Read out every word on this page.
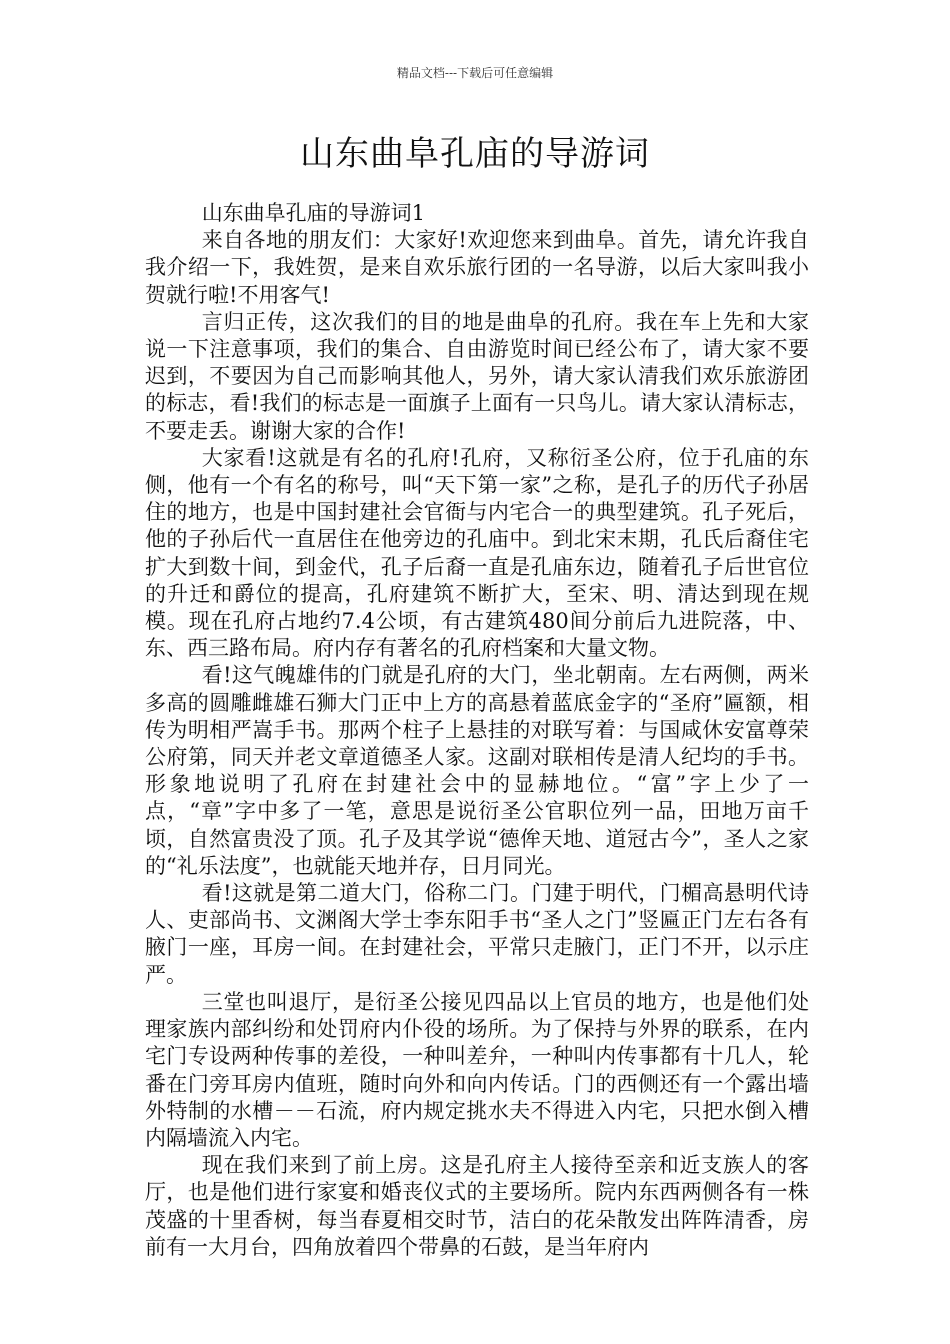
精品文档---下载后可任意编辑
山东曲阜孔庙的导游词

山东曲阜孔庙的导游词1

来自各地的朋友们：大家好!欢迎您来到曲阜。首先，请允许我自我介绍一下，我姓贺，是来自欢乐旅行团的一名导游，以后大家叫我小贺就行啦!不用客气!

言归正传，这次我们的目的地是曲阜的孔府。我在车上先和大家说一下注意事项，我们的集合、自由游览时间已经公布了，请大家不要迟到，不要因为自己而影响其他人，另外，请大家认清我们欢乐旅游团的标志，看!我们的标志是一面旗子上面有一只鸟儿。请大家认清标志，不要走丢。谢谢大家的合作!

大家看!这就是有名的孔府!孔府，又称衍圣公府，位于孔庙的东侧，他有一个有名的称号，叫“天下第一家”之称，是孔子的历代子孙居住的地方，也是中国封建社会官衙与内宅合一的典型建筑。孔子死后，他的子孙后代一直居住在他旁边的孔庙中。到北宋末期，孔氏后裔住宅扩大到数十间，到金代，孔子后裔一直是孔庙东边，随着孔子后世官位的升迁和爵位的提高，孔府建筑不断扩大，至宋、明、清达到现在规模。现在孔府占地约7.4公顷，有古建筑480间分前后九进院落，中、东、西三路布局。府内存有著名的孔府档案和大量文物。

看!这气魄雄伟的门就是孔府的大门，坐北朝南。左右两侧，两米多高的圆雕雌雄石狮大门正中上方的高悬着蓝底金字的“圣府”匾额，相传为明相严嵩手书。那两个柱子上悬挂的对联写着：与国咸休安富尊荣公府第，同天并老文章道德圣人家。这副对联相传是清人纪均的手书。形象地说明了孔府在封建社会中的显赫地位。“富”字上少了一点，“章”字中多了一笔，意思是说衍圣公官职位列一品，田地万亩千顷，自然富贵没了顶。孔子及其学说“德侔天地、道冠古今”，圣人之家的“礼乐法度”，也就能天地并存，日月同光。

看!这就是第二道大门，俗称二门。门建于明代，门楣高悬明代诗人、吏部尚书、文渊阁大学士李东阳手书“圣人之门”竖匾正门左右各有腋门一座，耳房一间。在封建社会，平常只走腋门，正门不开，以示庄严。

三堂也叫退厅，是衍圣公接见四品以上官员的地方，也是他们处理家族内部纠纷和处罚府内仆役的场所。为了保持与外界的联系，在内宅门专设两种传事的差役，一种叫差弁，一种叫内传事都有十几人，轮番在门旁耳房内值班，随时向外和向内传话。门的西侧还有一个露出墙外特制的水槽－－石流，府内规定挑水夫不得进入内宅，只把水倒入槽内隔墙流入内宅。

现在我们来到了前上房。这是孔府主人接待至亲和近支族人的客厅，也是他们进行家宴和婚丧仪式的主要场所。院内东西两侧各有一株茂盛的十里香树，每当春夏相交时节，洁白的花朵散发出阵阵清香，房前有一大月台，四角放着四个带鼻的石鼓，是当年府内
